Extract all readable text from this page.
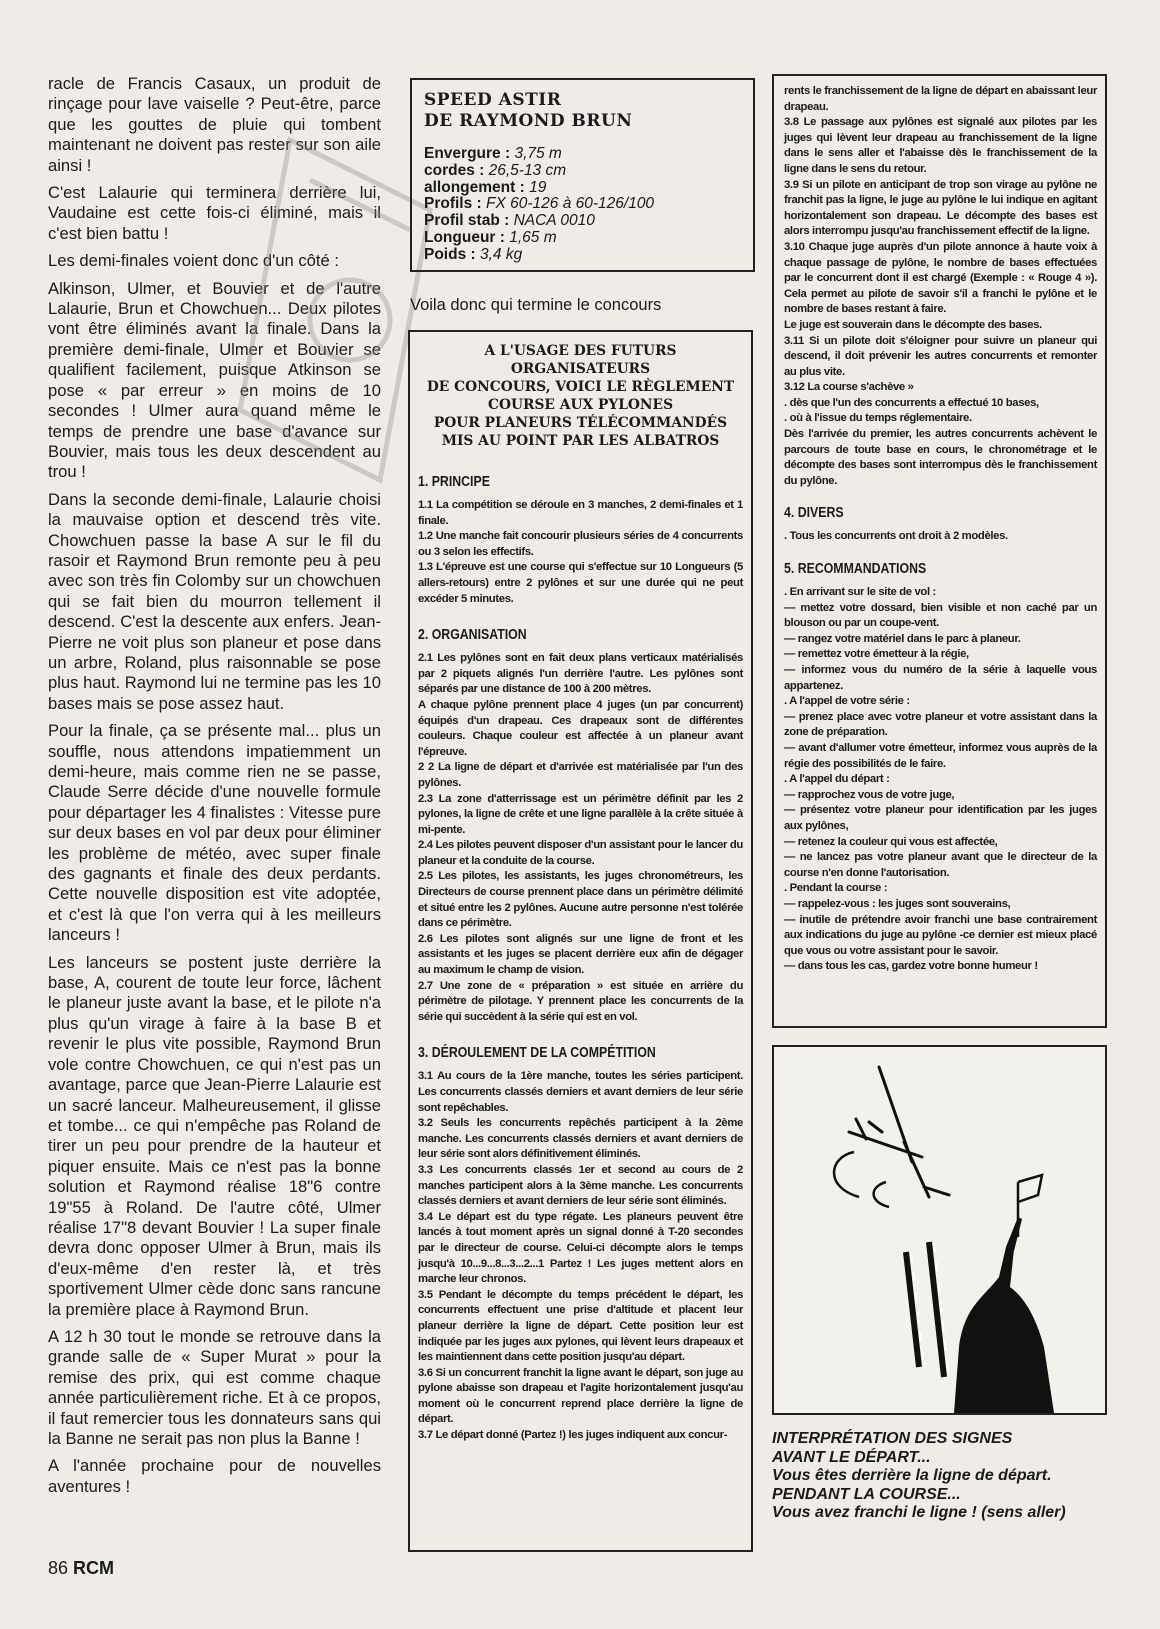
racle de Francis Casaux, un produit de rinçage pour lave vaiselle ? Peut-être, parce que les gouttes de pluie qui tombent maintenant ne doivent pas rester sur son aile ainsi !

C'est Lalaurie qui terminera derrière lui, Vaudaine est cette fois-ci éliminé, mais il c'est bien battu !

Les demi-finales voient donc d'un côté :

Alkinson, Ulmer, et Bouvier et de l'autre Lalaurie, Brun et Chowchuen... Deux pilotes vont être éliminés avant la finale. Dans la première demi-finale, Ulmer et Bouvier se qualifient facilement, puisque Atkinson se pose « par erreur » en moins de 10 secondes ! Ulmer aura quand même le temps de prendre une base d'avance sur Bouvier, mais tous les deux descendent au trou !

Dans la seconde demi-finale, Lalaurie choisi la mauvaise option et descend très vite. Chowchuen passe la base A sur le fil du rasoir et Raymond Brun remonte peu à peu avec son très fin Colomby sur un chowchuen qui se fait bien du mourron tellement il descend. C'est la descente aux enfers. Jean-Pierre ne voit plus son planeur et pose dans un arbre, Roland, plus raisonnable se pose plus haut. Raymond lui ne termine pas les 10 bases mais se pose assez haut.

Pour la finale, ça se présente mal... plus un souffle, nous attendons impatiemment un demi-heure, mais comme rien ne se passe, Claude Serre décide d'une nouvelle formule pour départager les 4 finalistes : Vitesse pure sur deux bases en vol par deux pour éliminer les problème de météo, avec super finale des gagnants et finale des deux perdants. Cette nouvelle disposition est vite adoptée, et c'est là que l'on verra qui à les meilleurs lanceurs !

Les lanceurs se postent juste derrière la base, A, courent de toute leur force, lâchent le planeur juste avant la base, et le pilote n'a plus qu'un virage à faire à la base B et revenir le plus vite possible, Raymond Brun vole contre Chowchuen, ce qui n'est pas un avantage, parce que Jean-Pierre Lalaurie est un sacré lanceur. Malheureusement, il glisse et tombe... ce qui n'empêche pas Roland de tirer un peu pour prendre de la hauteur et piquer ensuite. Mais ce n'est pas la bonne solution et Raymond réalise 18"6 contre 19"55 à Roland. De l'autre côté, Ulmer réalise 17"8 devant Bouvier ! La super finale devra donc opposer Ulmer à Brun, mais ils d'eux-même d'en rester là, et très sportivement Ulmer cède donc sans rancune la première place à Raymond Brun.

A 12 h 30 tout le monde se retrouve dans la grande salle de « Super Murat » pour la remise des prix, qui est comme chaque année particulièrement riche. Et à ce propos, il faut remercier tous les donnateurs sans qui la Banne ne serait pas non plus la Banne !

A l'année prochaine pour de nouvelles aventures !

86 RCM
SPEED ASTIR
DE RAYMOND BRUN
Envergure : 3,75 m
cordes : 26,5-13 cm
allongement : 19
Profils : FX 60-126 à 60-126/100
Profil stab : NACA 0010
Longueur : 1,65 m
Poids : 3,4 kg
Voila donc qui termine le concours
A L'USAGE DES FUTURS ORGANISATEURS
DE CONCOURS, VOICI LE RÈGLEMENT
COURSE AUX PYLONES
POUR PLANEURS TÉLÉCOMMANDÉS
MIS AU POINT PAR LES ALBATROS
1. PRINCIPE

1.1 La compétition se déroule en 3 manches, 2 demi-finales et 1 finale.

1.2 Une manche fait concourir plusieurs séries de 4 concurrents ou 3 selon les effectifs.

1.3 L'épreuve est une course qui s'effectue sur 10 Longueurs (5 allers-retours) entre 2 pylônes et sur une durée qui ne peut excéder 5 minutes.

2. ORGANISATION

2.1 Les pylônes sont en fait deux plans verticaux matérialisés par 2 piquets alignés l'un derrière l'autre. Les pylônes sont séparés par une distance de 100 à 200 mètres.

A chaque pylône prennent place 4 juges (un par concurrent) équipés d'un drapeau. Ces drapeaux sont de différentes couleurs. Chaque couleur est affectée à un planeur avant l'épreuve.

2 2 La ligne de départ et d'arrivée est matérialisée par l'un des pylônes.

2.3 La zone d'atterrissage est un périmètre définit par les 2 pylones, la ligne de crête et une ligne parallèle à la crête située à mi-pente.

2.4 Les pilotes peuvent disposer d'un assistant pour le lancer du planeur et la conduite de la course.

2.5 Les pilotes, les assistants, les juges chronométreurs, les Directeurs de course prennent place dans un périmètre délimité et situé entre les 2 pylônes. Aucune autre personne n'est tolérée dans ce périmètre.

2.6 Les pilotes sont alignés sur une ligne de front et les assistants et les juges se placent derrière eux afin de dégager au maximum le champ de vision.

2.7 Une zone de « préparation » est située en arrière du périmètre de pilotage. Y prennent place les concurrents de la série qui succèdent à la série qui est en vol.

3. DÉROULEMENT DE LA COMPÉTITION

3.1 Au cours de la 1ère manche, toutes les séries participent. Les concurrents classés derniers et avant derniers de leur série sont repêchables.

3.2 Seuls les concurrents repêchés participent à la 2ème manche. Les concurrents classés derniers et avant derniers de leur série sont alors définitivement éliminés.

3.3 Les concurrents classés 1er et second au cours de 2 manches participent alors à la 3ème manche. Les concurrents classés derniers et avant derniers de leur série sont éliminés.

3.4 Le départ est du type régate. Les planeurs peuvent être lancés à tout moment après un signal donné à T-20 secondes par le directeur de course. Celui-ci décompte alors le temps jusqu'à 10...9...8...3...2...1 Partez ! Les juges mettent alors en marche leur chronos.

3.5 Pendant le décompte du temps précédent le départ, les concurrents effectuent une prise d'altitude et placent leur planeur derrière la ligne de départ. Cette position leur est indiquée par les juges aux pylones, qui lèvent leurs drapeaux et les maintiennent dans cette position jusqu'au départ.

3.6 Si un concurrent franchit la ligne avant le départ, son juge au pylone abaisse son drapeau et l'agite horizontalement jusqu'au moment où le concurrent reprend place derrière la ligne de départ.

3.7 Le départ donné (Partez !) les juges indiquent aux concur-

rents le franchissement de la ligne de départ en abaissant leur drapeau.

3.8 Le passage aux pylônes est signalé aux pilotes par les juges qui lèvent leur drapeau au franchissement de la ligne dans le sens aller et l'abaisse dès le franchissement de la ligne dans le sens du retour.

3.9 Si un pilote en anticipant de trop son virage au pylône ne franchit pas la ligne, le juge au pylône le lui indique en agitant horizontalement son drapeau. Le décompte des bases est alors interrompu jusqu'au franchissement effectif de la ligne.

3.10 Chaque juge auprès d'un pilote annonce à haute voix à chaque passage de pylône, le nombre de bases effectuées par le concurrent dont il est chargé (Exemple : « Rouge 4 »). Cela permet au pilote de savoir s'il a franchi le pylône et le nombre de bases restant à faire.

Le juge est souverain dans le décompte des bases.

3.11 Si un pilote doit s'éloigner pour suivre un planeur qui descend, il doit prévenir les autres concurrents et remonter au plus vite.

3.12 La course s'achève »

. dès que l'un des concurrents a effectué 10 bases,

. où à l'issue du temps réglementaire.

Dès l'arrivée du premier, les autres concurrents achèvent le parcours de toute base en cours, le chronométrage et le décompte des bases sont interrompus dès le franchissement du pylône.

4. DIVERS

. Tous les concurrents ont droit à 2 modèles.

5. RECOMMANDATIONS

. En arrivant sur le site de vol :

— mettez votre dossard, bien visible et non caché par un blouson ou par un coupe-vent.

— rangez votre matériel dans le parc à planeur.

— remettez votre émetteur à la régie,

— informez vous du numéro de la série à laquelle vous appartenez.

. A l'appel de votre série :

— prenez place avec votre planeur et votre assistant dans la zone de préparation.

— avant d'allumer votre émetteur, informez vous auprès de la régie des possibilités de le faire.

. A l'appel du départ :

— rapprochez vous de votre juge,

— présentez votre planeur pour identification par les juges aux pylônes,

— retenez la couleur qui vous est affectée,

— ne lancez pas votre planeur avant que le directeur de la course n'en donne l'autorisation.

. Pendant la course :

— rappelez-vous : les juges sont souverains,

— inutile de prétendre avoir franchi une base contrairement aux indications du juge au pylône -ce dernier est mieux placé que vous ou votre assistant pour le savoir.

— dans tous les cas, gardez votre bonne humeur !

INTERPRÉTATION DES SIGNES
AVANT LE DÉPART...
Vous êtes derrière la ligne de départ.
PENDANT LA COURSE...
Vous avez franchi le ligne ! (sens aller)
